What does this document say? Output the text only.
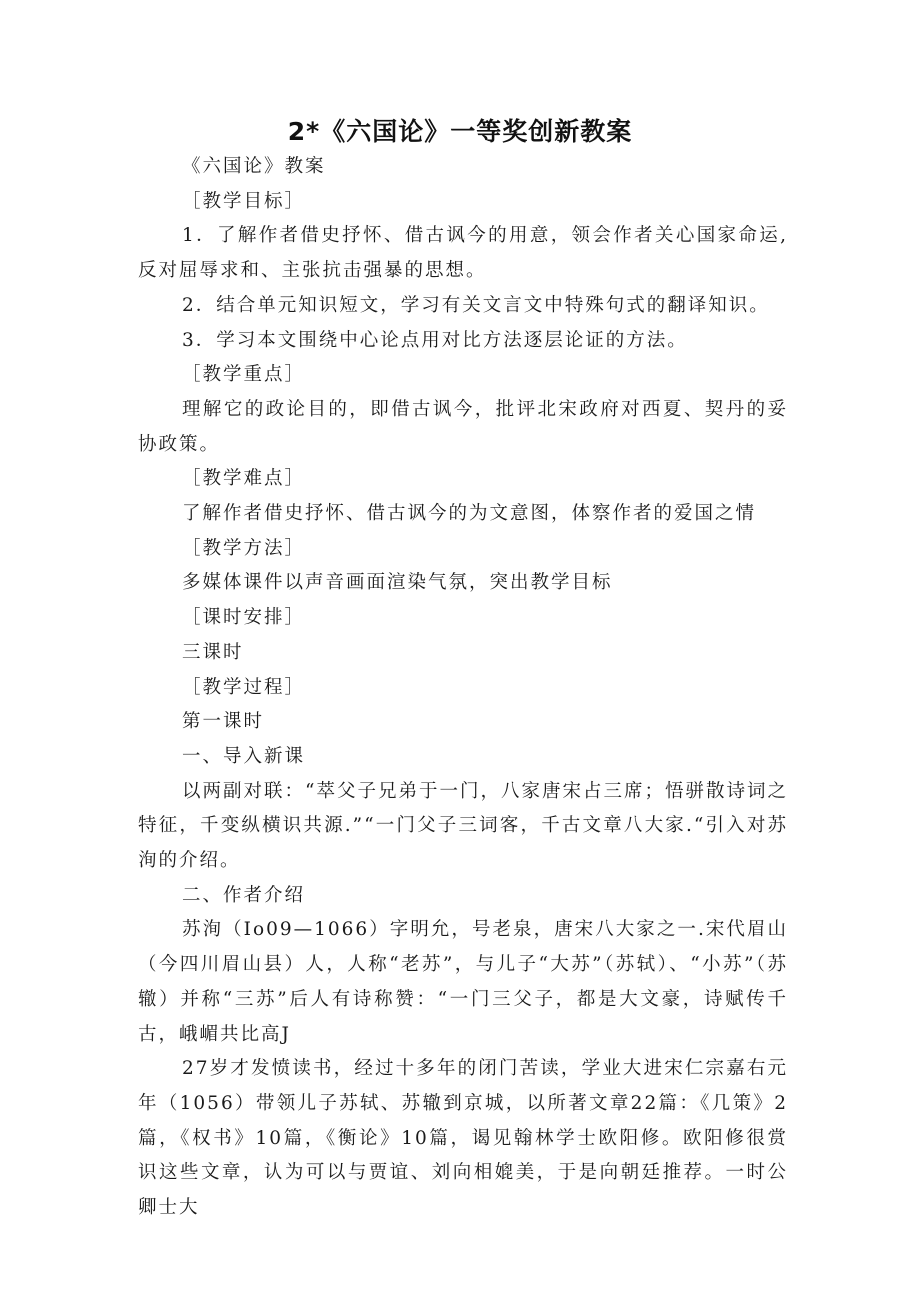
2*《六国论》一等奖创新教案

《六国论》教案

［教学目标］

1．了解作者借史抒怀、借古讽今的用意，领会作者关心国家命运,反对屈辱求和、主张抗击强暴的思想。

2．结合单元知识短文，学习有关文言文中特殊句式的翻译知识。

3．学习本文围绕中心论点用对比方法逐层论证的方法。

［教学重点］

理解它的政论目的，即借古讽今，批评北宋政府对西夏、契丹的妥协政策。

［教学难点］

了解作者借史抒怀、借古讽今的为文意图，体察作者的爱国之情

［教学方法］

多媒体课件以声音画面渲染气氛，突出教学目标

［课时安排］

三课时

［教学过程］

第一课时

一、导入新课

以两副对联：“萃父子兄弟于一门，八家唐宋占三席；悟骈散诗词之特征，千变纵横识共源.”“一门父子三词客，千古文章八大家.“引入对苏洵的介绍。

二、作者介绍

苏洵（Io09—1066）字明允，号老泉，唐宋八大家之一.宋代眉山（今四川眉山县）人，人称“老苏”，与儿子“大苏”（苏轼）、“小苏”（苏辙）并称“三苏”后人有诗称赞：“一门三父子，都是大文豪，诗赋传千古，峨嵋共比高J

27岁才发愤读书，经过十多年的闭门苦读，学业大进宋仁宗嘉右元年（1056）带领儿子苏轼、苏辙到京城，以所著文章22篇：《几策》2篇，《权书》10篇，《衡论》10篇，谒见翰林学士欧阳修。欧阳修很赏识这些文章，认为可以与贾谊、刘向相媲美，于是向朝廷推荐。一时公卿士大
